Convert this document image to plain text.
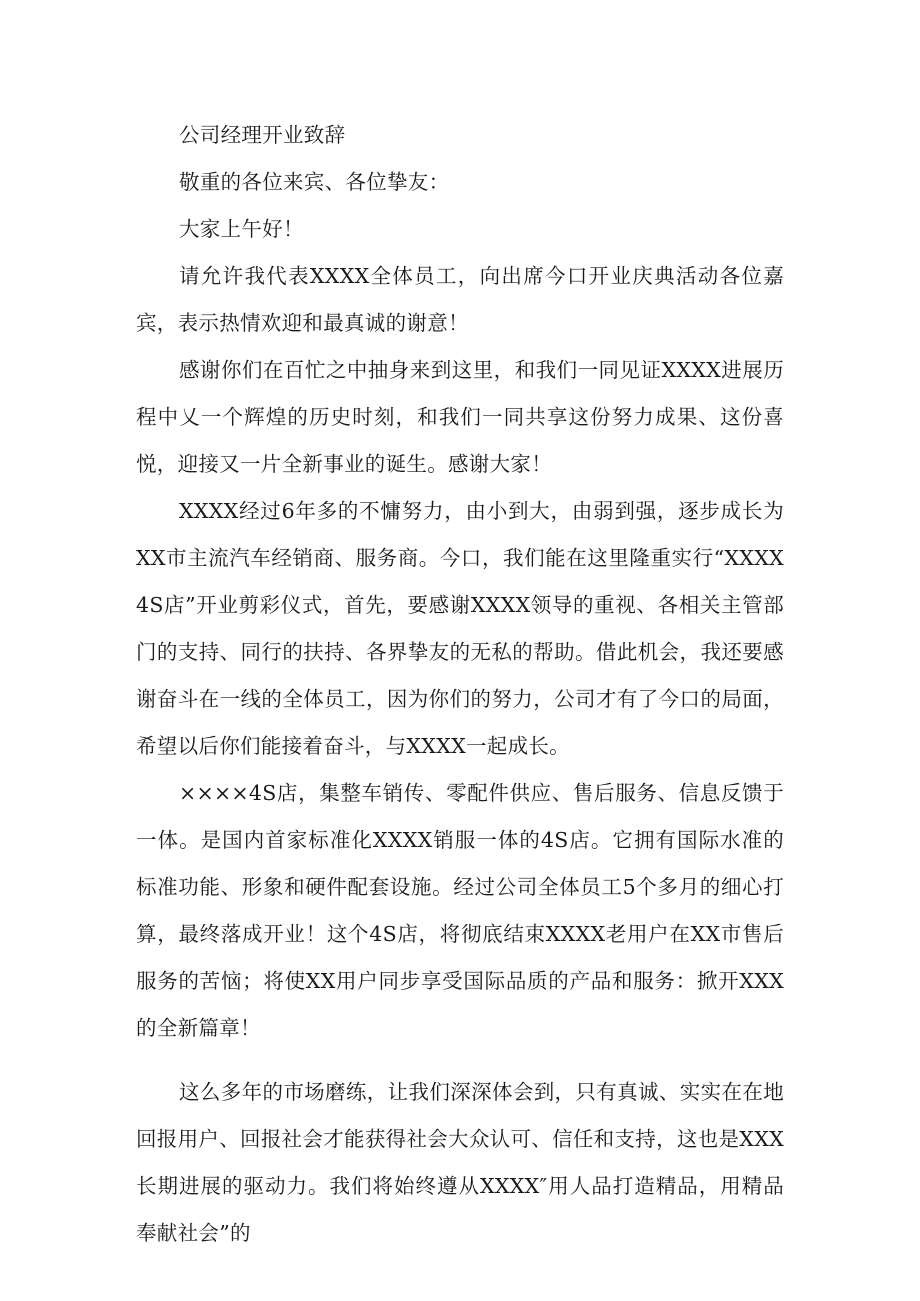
公司经理开业致辞

敬重的各位来宾、各位挚友：

大家上午好！

请允许我代表XXXX全体员工，向出席今口开业庆典活动各位嘉宾，表示热情欢迎和最真诚的谢意！

感谢你们在百忙之中抽身来到这里，和我们一同见证XXXX进展历程中乂一个辉煌的历史时刻，和我们一同共享这份努力成果、这份喜悦，迎接又一片全新事业的诞生。感谢大家！

XXXX经过6年多的不慵努力，由小到大，由弱到强，逐步成长为XX市主流汽车经销商、服务商。今口，我们能在这里隆重实行“XXXX4S店”开业剪彩仪式，首先，要感谢XXXX领导的重视、各相关主管部门的支持、同行的扶持、各界挚友的无私的帮助。借此机会，我还要感谢奋斗在一线的全体员工，因为你们的努力，公司才有了今口的局面，希望以后你们能接着奋斗，与XXXX一起成长。

××××4S店，集整车销传、零配件供应、售后服务、信息反馈于一体。是国内首家标准化XXXX销服一体的4S店。它拥有国际水准的标准功能、形象和硬件配套设施。经过公司全体员工5个多月的细心打算，最终落成开业！这个4S店，将彻底结束XXXX老用户在XX市售后服务的苦恼；将使XX用户同步享受国际品质的产品和服务：掀开XXX的全新篇章！

这么多年的市场磨练，让我们深深体会到，只有真诚、实实在在地回报用户、回报社会才能获得社会大众认可、信任和支持，这也是XXX长期进展的驱动力。我们将始终遵从XXXX″用人品打造精品，用精品奉献社会”的
